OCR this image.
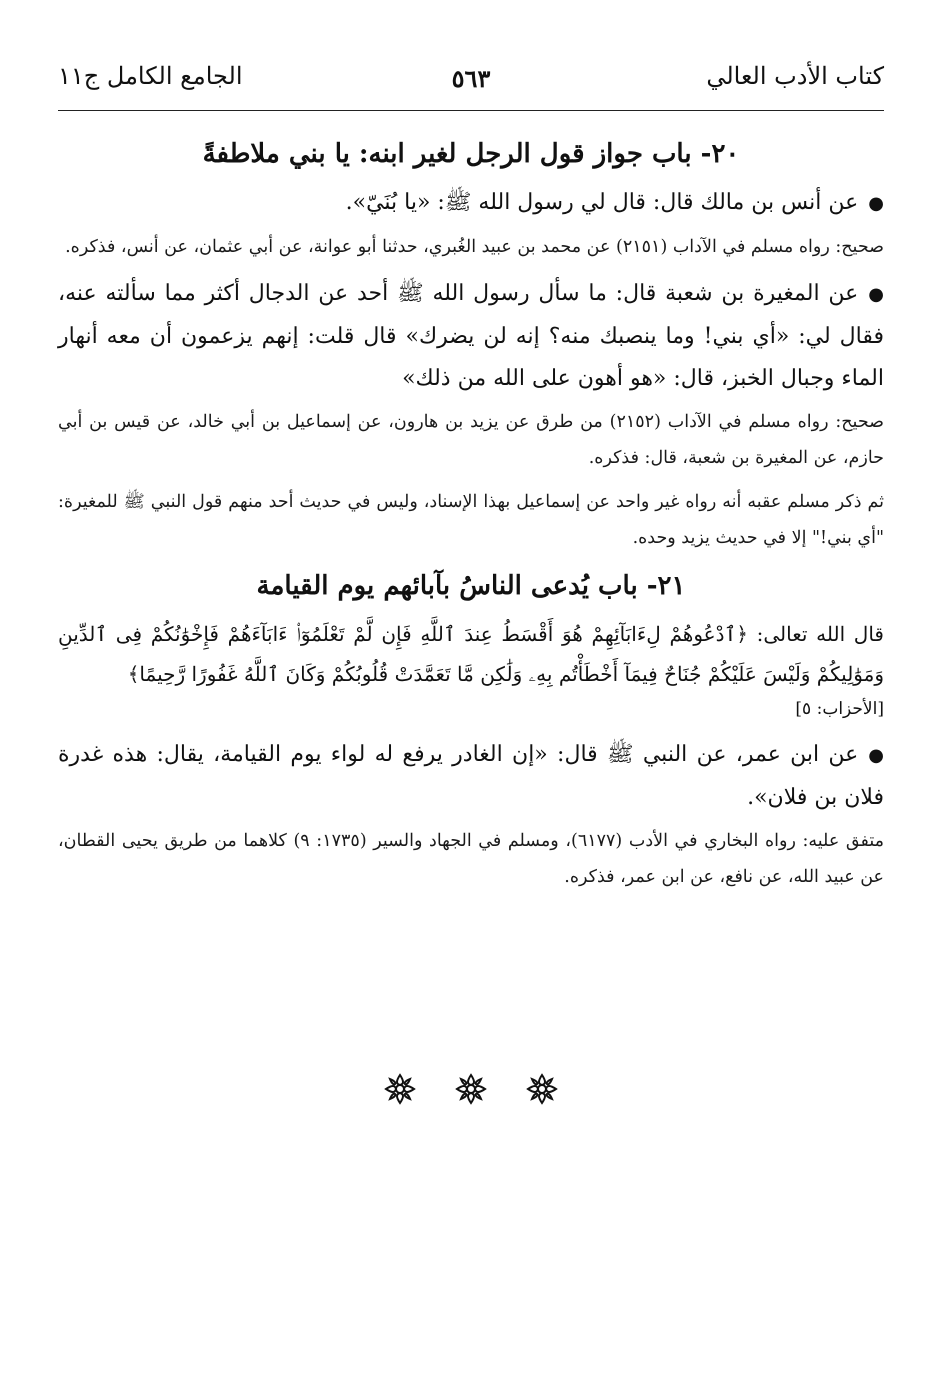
كتاب الأدب العالي
٥٦٣
الجامع الكامل ج١١
٢٠- باب جواز قول الرجل لغير ابنه: يا بني ملاطفةً

●عن أنس بن مالك قال: قال لي رسول الله ﷺ: «يا بُنَيّ».

صحيح: رواه مسلم في الآداب (٢١٥١) عن محمد بن عبيد الغُبري، حدثنا أبو عوانة، عن أبي عثمان، عن أنس، فذكره.

●عن المغيرة بن شعبة قال: ما سأل رسول الله ﷺ أحد عن الدجال أكثر مما سألته عنه، فقال لي: «أي بني! وما ينصبك منه؟ إنه لن يضرك» قال قلت: إنهم يزعمون أن معه أنهار الماء وجبال الخبز، قال: «هو أهون على الله من ذلك»

صحيح: رواه مسلم في الآداب (٢١٥٢) من طرق عن يزيد بن هارون، عن إسماعيل بن أبي خالد، عن قيس بن أبي حازم، عن المغيرة بن شعبة، قال: فذكره.

ثم ذكر مسلم عقبه أنه رواه غير واحد عن إسماعيل بهذا الإسناد، وليس في حديث أحد منهم قول النبي ﷺ للمغيرة: "أي بني!" إلا في حديث يزيد وحده.

٢١- باب يُدعى الناسُ بآبائهم يوم القيامة

قال الله تعالى: ﴿ٱدْعُوهُمْ لِءَابَآئِهِمْ هُوَ أَقْسَطُ عِندَ ٱللَّهِ فَإِن لَّمْ تَعْلَمُوٓا۟ ءَابَآءَهُمْ فَإِخْوَٰنُكُمْ فِى ٱلدِّينِ وَمَوَٰلِيكُمْ وَلَيْسَ عَلَيْكُمْ جُنَاحٌ فِيمَآ أَخْطَأْتُم بِهِۦ وَلَٰكِن مَّا تَعَمَّدَتْ قُلُوبُكُمْ وَكَانَ ٱللَّهُ غَفُورًا رَّحِيمًا﴾

[الأحزاب: ٥]

●عن ابن عمر، عن النبي ﷺ قال: «إن الغادر يرفع له لواء يوم القيامة، يقال: هذه غدرة فلان بن فلان».

متفق عليه: رواه البخاري في الأدب (٦١٧٧)، ومسلم في الجهاد والسير (١٧٣٥: ٩) كلاهما من طريق يحيى القطان، عن عبيد الله، عن نافع، عن ابن عمر، فذكره.
